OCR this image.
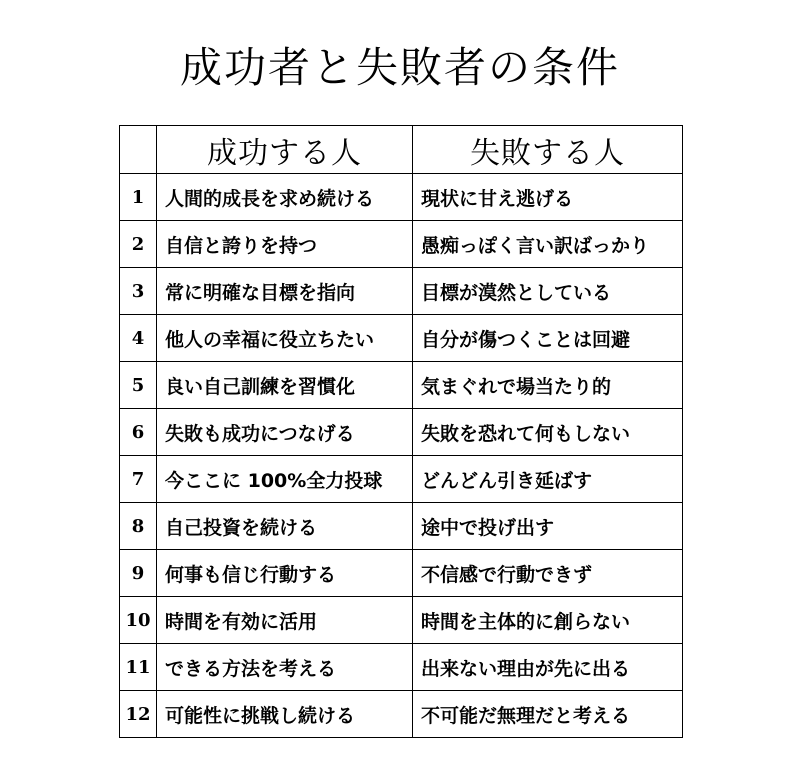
成功者と失敗者の条件
	成功する人	失敗する人
1	人間的成長を求め続ける	現状に甘え逃げる
2	自信と誇りを持つ	愚痴っぽく言い訳ばっかり
3	常に明確な目標を指向	目標が漠然としている
4	他人の幸福に役立ちたい	自分が傷つくことは回避
5	良い自己訓練を習慣化	気まぐれで場当たり的
6	失敗も成功につなげる	失敗を恐れて何もしない
7	今ここに 100%全力投球	どんどん引き延ばす
8	自己投資を続ける	途中で投げ出す
9	何事も信じ行動する	不信感で行動できず
10	時間を有効に活用	時間を主体的に創らない
11	できる方法を考える	出来ない理由が先に出る
12	可能性に挑戦し続ける	不可能だ無理だと考える
